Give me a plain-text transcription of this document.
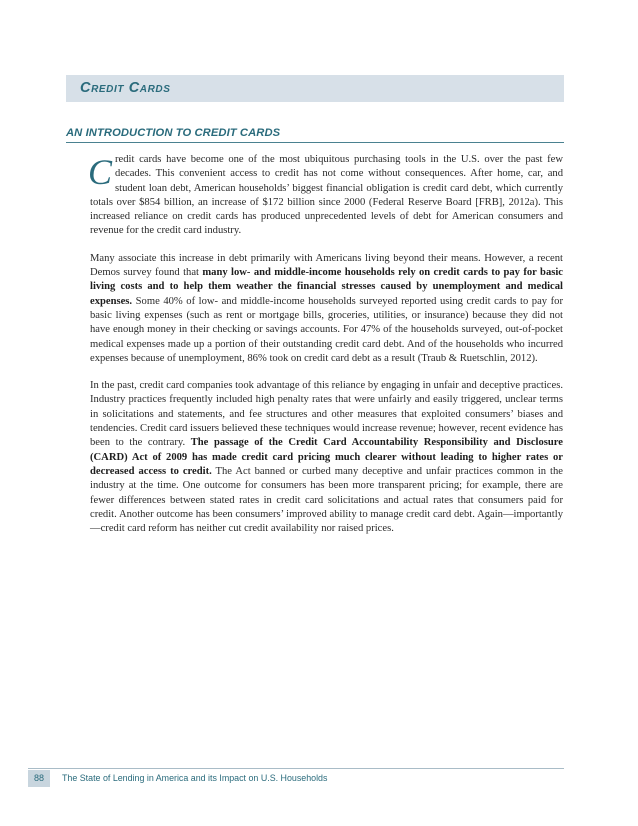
Credit Cards
AN INTRODUCTION TO CREDIT CARDS

Credit cards have become one of the most ubiquitous purchasing tools in the U.S. over the past few decades. This convenient access to credit has not come without consequences. After home, car, and student loan debt, American households’ biggest financial obligation is credit card debt, which currently totals over $854 billion, an increase of $172 billion since 2000 (Federal Reserve Board [FRB], 2012a). This increased reliance on credit cards has produced unprecedented levels of debt for American consumers and revenue for the credit card industry.

Many associate this increase in debt primarily with Americans living beyond their means. However, a recent Demos survey found that many low- and middle-income households rely on credit cards to pay for basic living costs and to help them weather the financial stresses caused by unemployment and medical expenses. Some 40% of low- and middle-income households surveyed reported using credit cards to pay for basic living expenses (such as rent or mortgage bills, groceries, utilities, or insurance) because they did not have enough money in their checking or savings accounts. For 47% of the households surveyed, out-of-pocket medical expenses made up a portion of their outstanding credit card debt. And of the households who incurred expenses because of unemployment, 86% took on credit card debt as a result (Traub & Ruetschlin, 2012).

In the past, credit card companies took advantage of this reliance by engaging in unfair and deceptive practices. Industry practices frequently included high penalty rates that were unfairly and easily triggered, unclear terms in solicitations and statements, and fee structures and other measures that exploited consumers’ biases and tendencies. Credit card issuers believed these techniques would increase revenue; however, recent evidence has been to the contrary. The passage of the Credit Card Accountability Responsibility and Disclosure (CARD) Act of 2009 has made credit card pricing much clearer without leading to higher rates or decreased access to credit. The Act banned or curbed many deceptive and unfair practices common in the industry at the time. One outcome for consumers has been more transparent pricing; for example, there are fewer differences between stated rates in credit card solicitations and actual rates that consumers paid for credit. Another outcome has been consumers’ improved ability to manage credit card debt. Again—importantly—credit card reform has neither cut credit availability nor raised prices.

88	The State of Lending in America and its Impact on U.S. Households
